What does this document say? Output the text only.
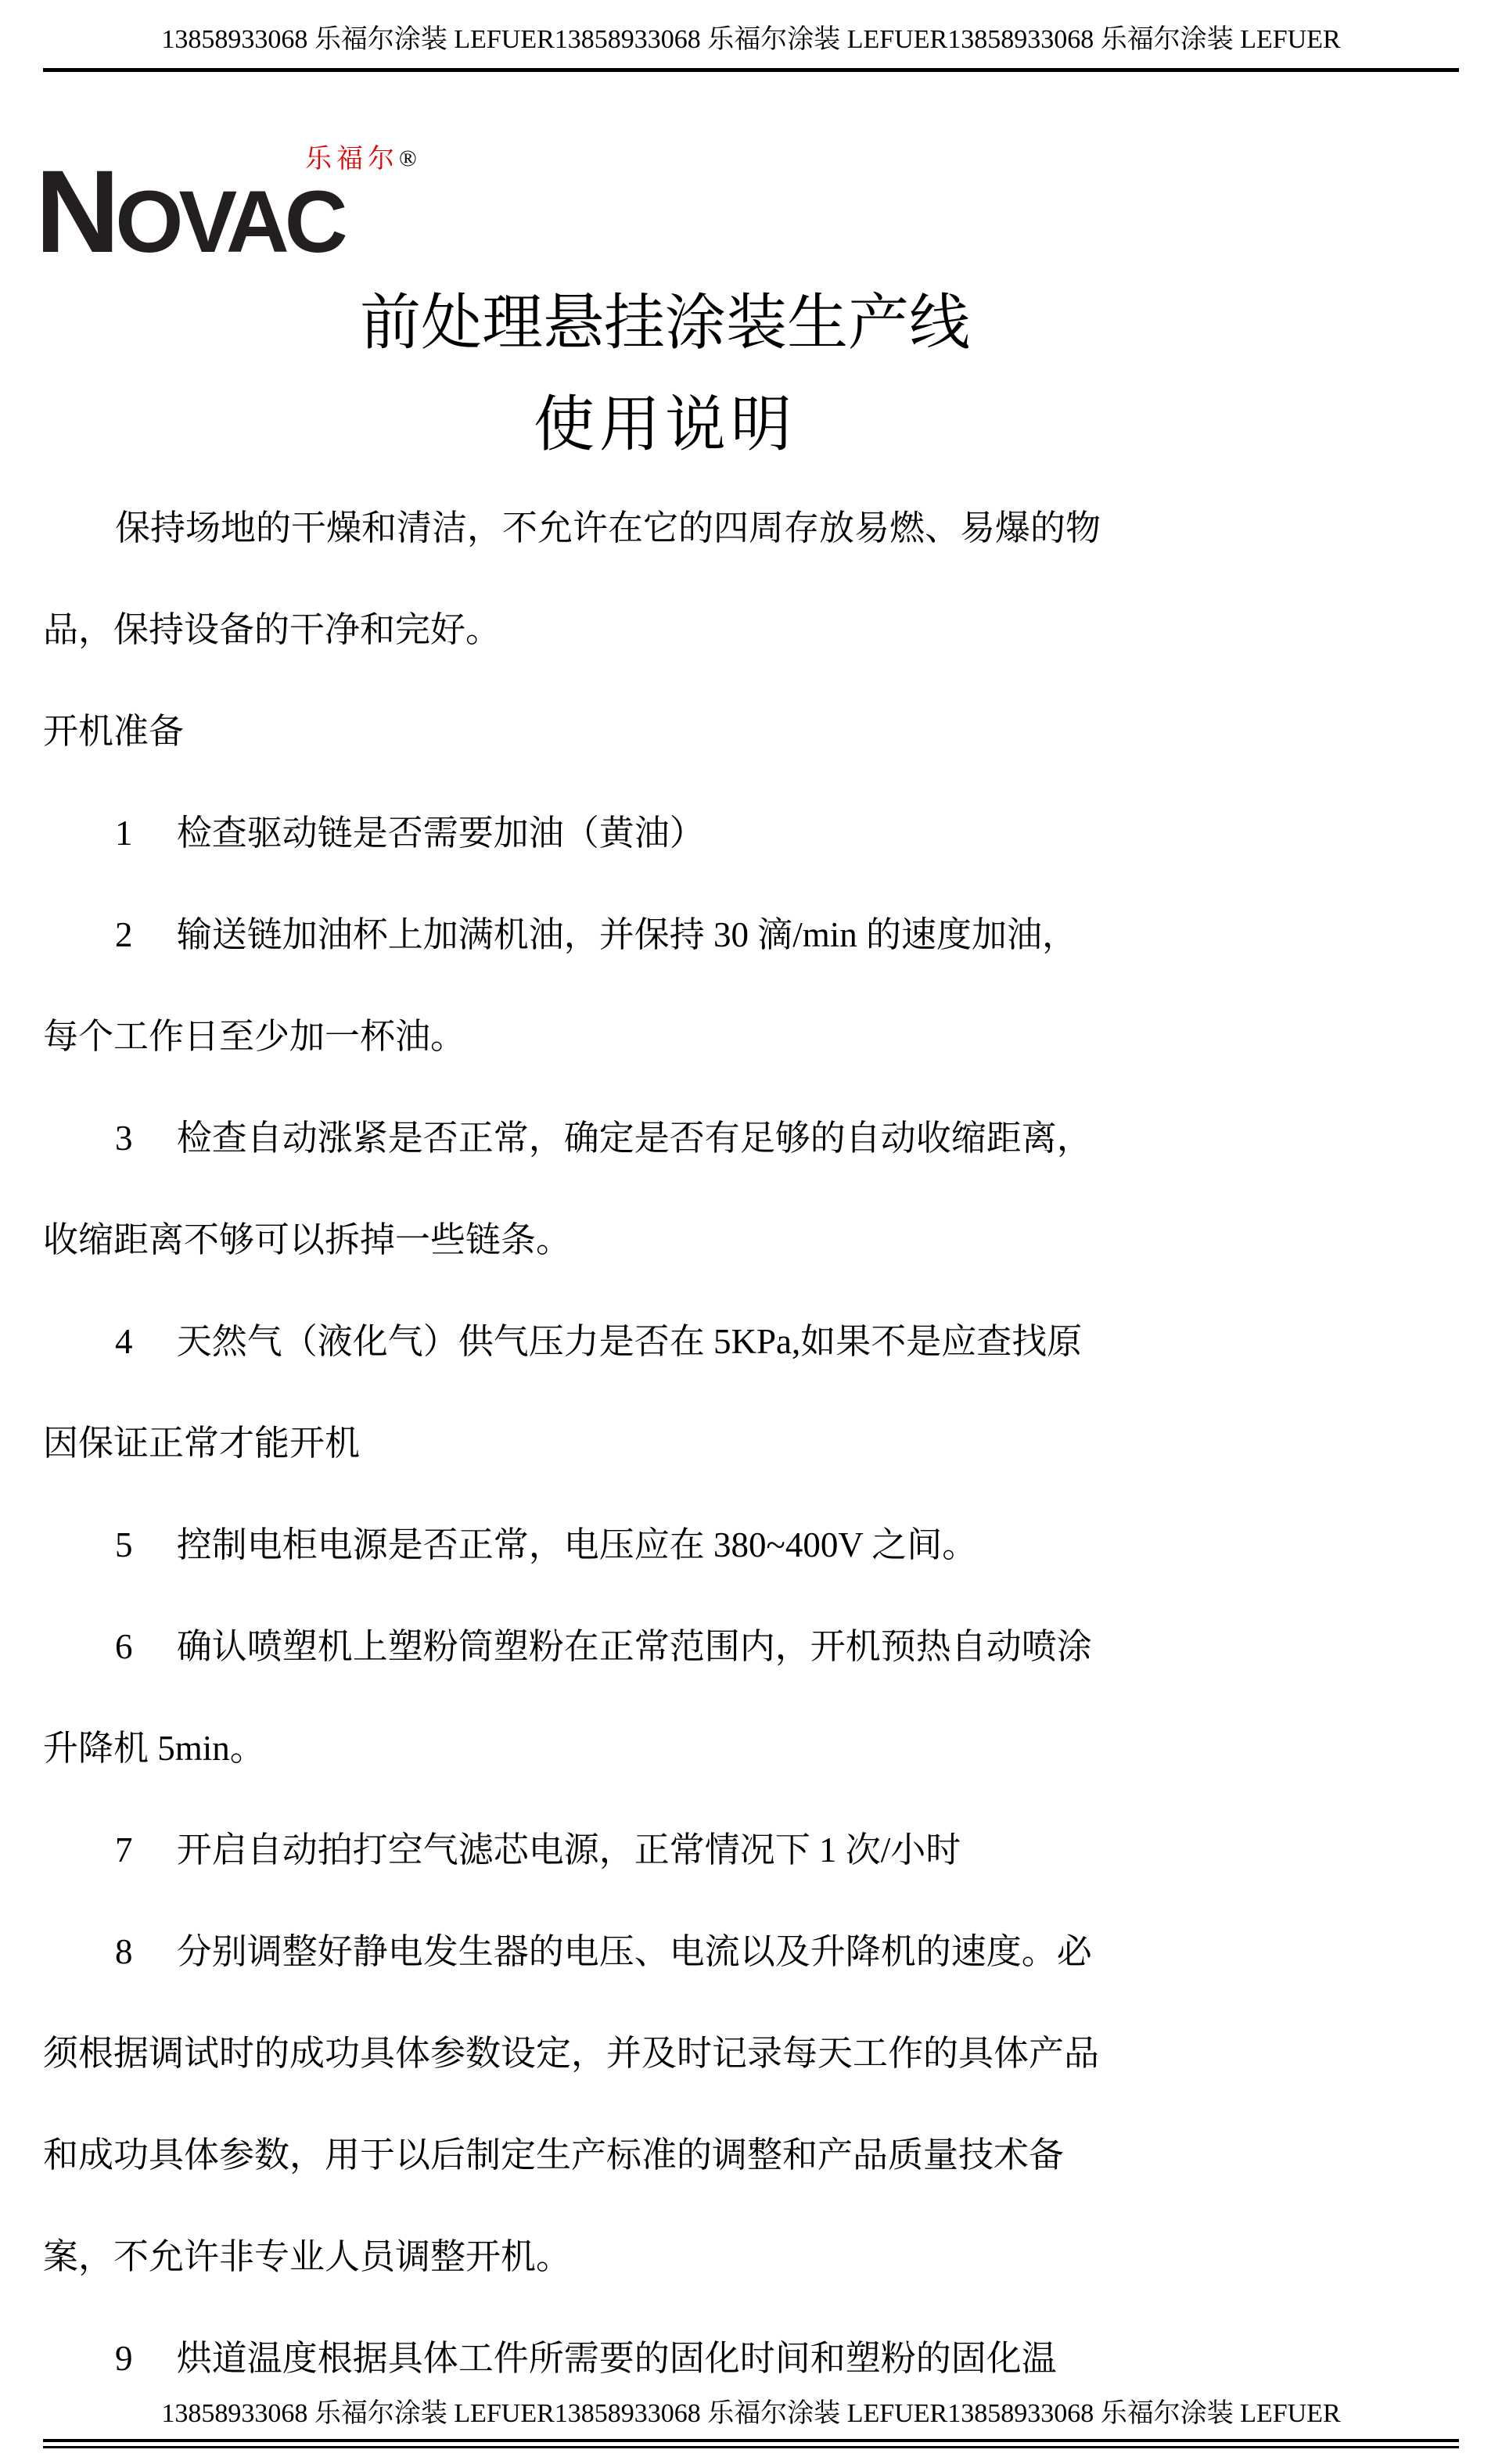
13858933068 乐福尔涂装 LEFUER13858933068 乐福尔涂装 LEFUER13858933068 乐福尔涂装 LEFUER
NOVAC
乐福尔®
前处理悬挂涂装生产线
使用说明
保持场地的干燥和清洁，不允许在它的四周存放易燃、易爆的物
品，保持设备的干净和完好。
开机准备
1　 检查驱动链是否需要加油（黄油）
2　 输送链加油杯上加满机油，并保持 30 滴/min 的速度加油，
每个工作日至少加一杯油。
3　 检查自动涨紧是否正常，确定是否有足够的自动收缩距离，
收缩距离不够可以拆掉一些链条。
4　 天然气（液化气）供气压力是否在 5KPa,如果不是应查找原
因保证正常才能开机
5　 控制电柜电源是否正常，电压应在 380~400V 之间。
6　 确认喷塑机上塑粉筒塑粉在正常范围内，开机预热自动喷涂
升降机 5min。
7　 开启自动拍打空气滤芯电源，正常情况下 1 次/小时
8　 分别调整好静电发生器的电压、电流以及升降机的速度。必
须根据调试时的成功具体参数设定，并及时记录每天工作的具体产品
和成功具体参数，用于以后制定生产标准的调整和产品质量技术备
案，不允许非专业人员调整开机。
9　 烘道温度根据具体工件所需要的固化时间和塑粉的固化温
13858933068 乐福尔涂装 LEFUER13858933068 乐福尔涂装 LEFUER13858933068 乐福尔涂装 LEFUER
